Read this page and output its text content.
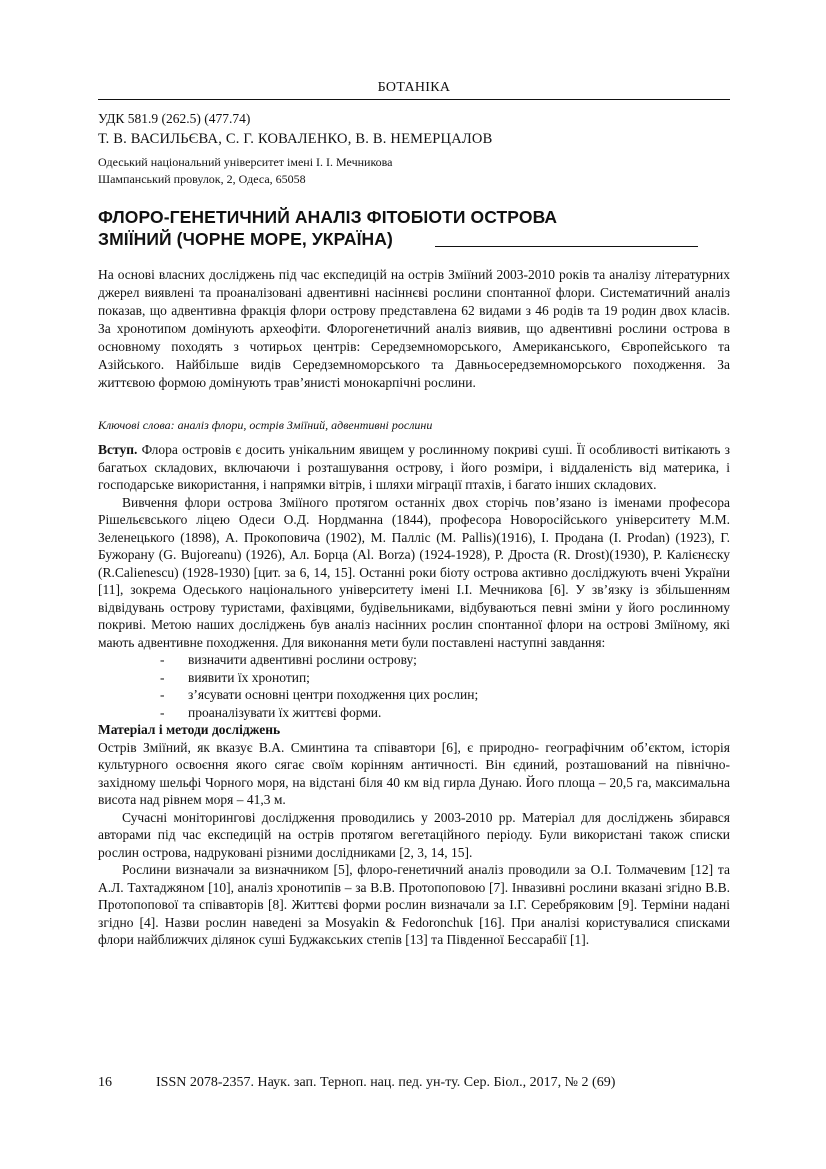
БОТАНІКА
УДК 581.9 (262.5) (477.74)
Т. В. ВАСИЛЬЄВА, С. Г. КОВАЛЕНКО, В. В. НЕМЕРЦАЛОВ
Одеський національний університет імені І. І. Мечникова
Шампанський провулок, 2, Одеса, 65058
ФЛОРО-ГЕНЕТИЧНИЙ АНАЛІЗ ФІТОБІОТИ ОСТРОВА
ЗМІЇНИЙ (ЧОРНЕ МОРЕ, УКРАЇНА)
На основі власних досліджень під час експедицій на острів Зміїний 2003-2010 років та аналізу літературних джерел виявлені та проаналізовані адвентивні насіннєві рослини спонтанної флори. Систематичний аналіз показав, що адвентивна фракція флори острову представлена 62 видами з 46 родів та 19 родин двох класів. За хронотипом домінують археофіти. Флорогенетичний аналіз виявив, що адвентивні рослини острова в основному походять з чотирьох центрів: Середземноморського, Американського, Європейського та Азійського. Найбільше видів Середземноморського та Давньосередземноморського походження. За життєвою формою домінують трав’янисті монокарпічні рослини.
Ключові слова: аналіз флори, острів Зміїний, адвентивні рослини

Вступ. Флора островів є досить унікальним явищем у рослинному покриві суші. Її особливості витікають з багатьох складових, включаючи і розташування острову, і його розміри, і віддаленість від материка, і господарське використання, і напрямки вітрів, і шляхи міграції птахів, і багато інших складових.

Вивчення флори острова Зміїного протягом останніх двох сторічь пов’язано із іменами професора Рішельєвського ліцею Одеси О.Д. Нордманна (1844), професора Новоросійського університету М.М. Зеленецького (1898), А. Прокоповича (1902), М. Палліс (M. Pallis)(1916), І. Продана (I. Prodan) (1923), Г. Бужорану (G. Bujoreanu) (1926), Ал. Борца (Al. Borza) (1924-1928), Р. Дроста (R. Drost)(1930), Р. Калієнєску (R.Calienescu) (1928-1930) [цит. за 6, 14, 15]. Останні роки біоту острова активно досліджують вчені України [11], зокрема Одеського національного університету імені І.І. Мечникова [6]. У зв’язку із збільшенням відвідувань острову туристами, фахівцями, будівельниками, відбуваються певні зміни у його рослинному покриві. Метою наших досліджень був аналіз насінних рослин спонтанної флори на острові Зміїному, які мають адвентивне походження. Для виконання мети були поставлені наступні завдання:

- визначити адвентивні рослини острову;
- виявити їх хронотип;
- з’ясувати основні центри походження цих рослин;
- проаналізувати їх життєві форми.

Матеріал і методи досліджень

Острів Зміїний, як вказує В.А. Сминтина та співавтори [6], є природно- географічним об’єктом, історія культурного освоєння якого сягає своїм корінням античності. Він єдиний, розташований на північно-західному шельфі Чорного моря, на відстані біля 40 км від гирла Дунаю. Його площа – 20,5 га, максимальна висота над рівнем моря – 41,3 м.

Сучасні моніторингові дослідження проводились у 2003-2010 рр. Матеріал для досліджень збирався авторами під час експедицій на острів протягом вегетаційного періоду. Були використані також списки рослин острова, надруковані різними дослідниками [2, 3, 14, 15].

Рослини визначали за визначником [5], флоро-генетичний аналіз проводили за О.І. Толмачевим [12] та А.Л. Тахтаджяном [10], аналіз хронотипів – за В.В. Протопоповою [7]. Інвазивні рослини вказані згідно В.В. Протопопової та співавторів [8]. Життєві форми рослин визначали за І.Г. Серебряковим [9]. Терміни надані згідно [4]. Назви рослин наведені за Mosyakin & Fedoronchuk [16]. При аналізі користувалися списками флори найближчих ділянок суші Буджакських степів [13] та Південної Бессарабії [1].

16	ISSN 2078-2357. Наук. зап. Терноп. нац. пед. ун-ту. Сер. Біол., 2017, № 2 (69)
